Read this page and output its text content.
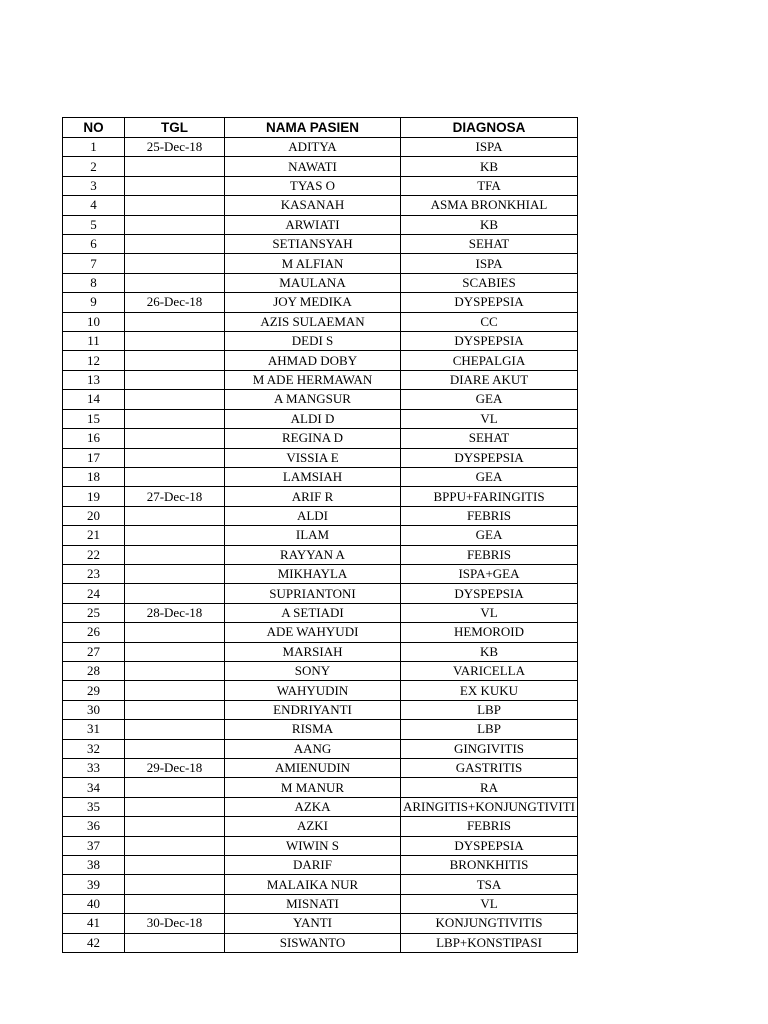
NO	TGL	NAMA PASIEN	DIAGNOSA
1	25-Dec-18	ADITYA	ISPA
2		NAWATI	KB
3		TYAS O	TFA
4		KASANAH	ASMA BRONKHIAL
5		ARWIATI	KB
6		SETIANSYAH	SEHAT
7		M ALFIAN	ISPA
8		MAULANA	SCABIES
9	26-Dec-18	JOY MEDIKA	DYSPEPSIA
10		AZIS SULAEMAN	CC
11		DEDI S	DYSPEPSIA
12		AHMAD DOBY	CHEPALGIA
13		M ADE HERMAWAN	DIARE AKUT
14		A MANGSUR	GEA
15		ALDI D	VL
16		REGINA D	SEHAT
17		VISSIA E	DYSPEPSIA
18		LAMSIAH	GEA
19	27-Dec-18	ARIF R	BPPU+FARINGITIS
20		ALDI	FEBRIS
21		ILAM	GEA
22		RAYYAN A	FEBRIS
23		MIKHAYLA	ISPA+GEA
24		SUPRIANTONI	DYSPEPSIA
25	28-Dec-18	A SETIADI	VL
26		ADE WAHYUDI	HEMOROID
27		MARSIAH	KB
28		SONY	VARICELLA
29		WAHYUDIN	EX KUKU
30		ENDRIYANTI	LBP
31		RISMA	LBP
32		AANG	GINGIVITIS
33	29-Dec-18	AMIENUDIN	GASTRITIS
34		M MANUR	RA
35		AZKA	ARINGITIS+KONJUNGTIVITI
36		AZKI	FEBRIS
37		WIWIN S	DYSPEPSIA
38		DARIF	BRONKHITIS
39		MALAIKA NUR	TSA
40		MISNATI	VL
41	30-Dec-18	YANTI	KONJUNGTIVITIS
42		SISWANTO	LBP+KONSTIPASI
